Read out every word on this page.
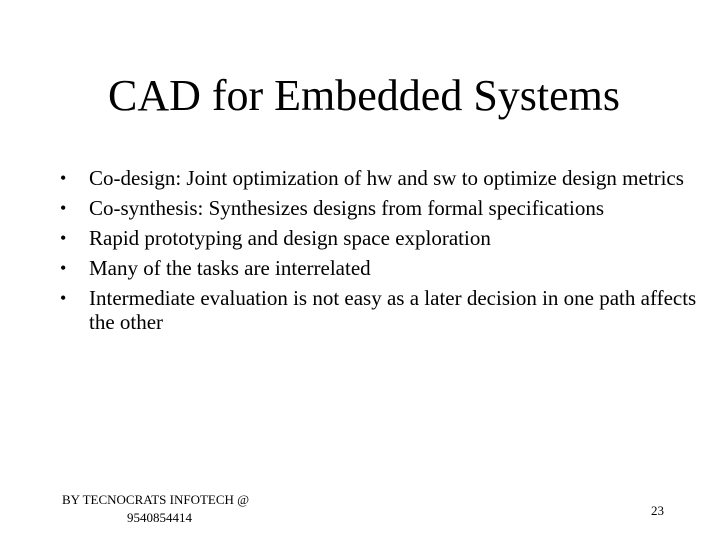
CAD for Embedded Systems
• Co-design: Joint optimization of hw and sw to optimize design metrics
• Co-synthesis: Synthesizes designs from formal specifications
• Rapid prototyping and design space exploration
• Many of the tasks are interrelated
• Intermediate evaluation is not easy as a later decision in one path affects the other
BY TECNOCRATS INFOTECH @
9540854414	23
